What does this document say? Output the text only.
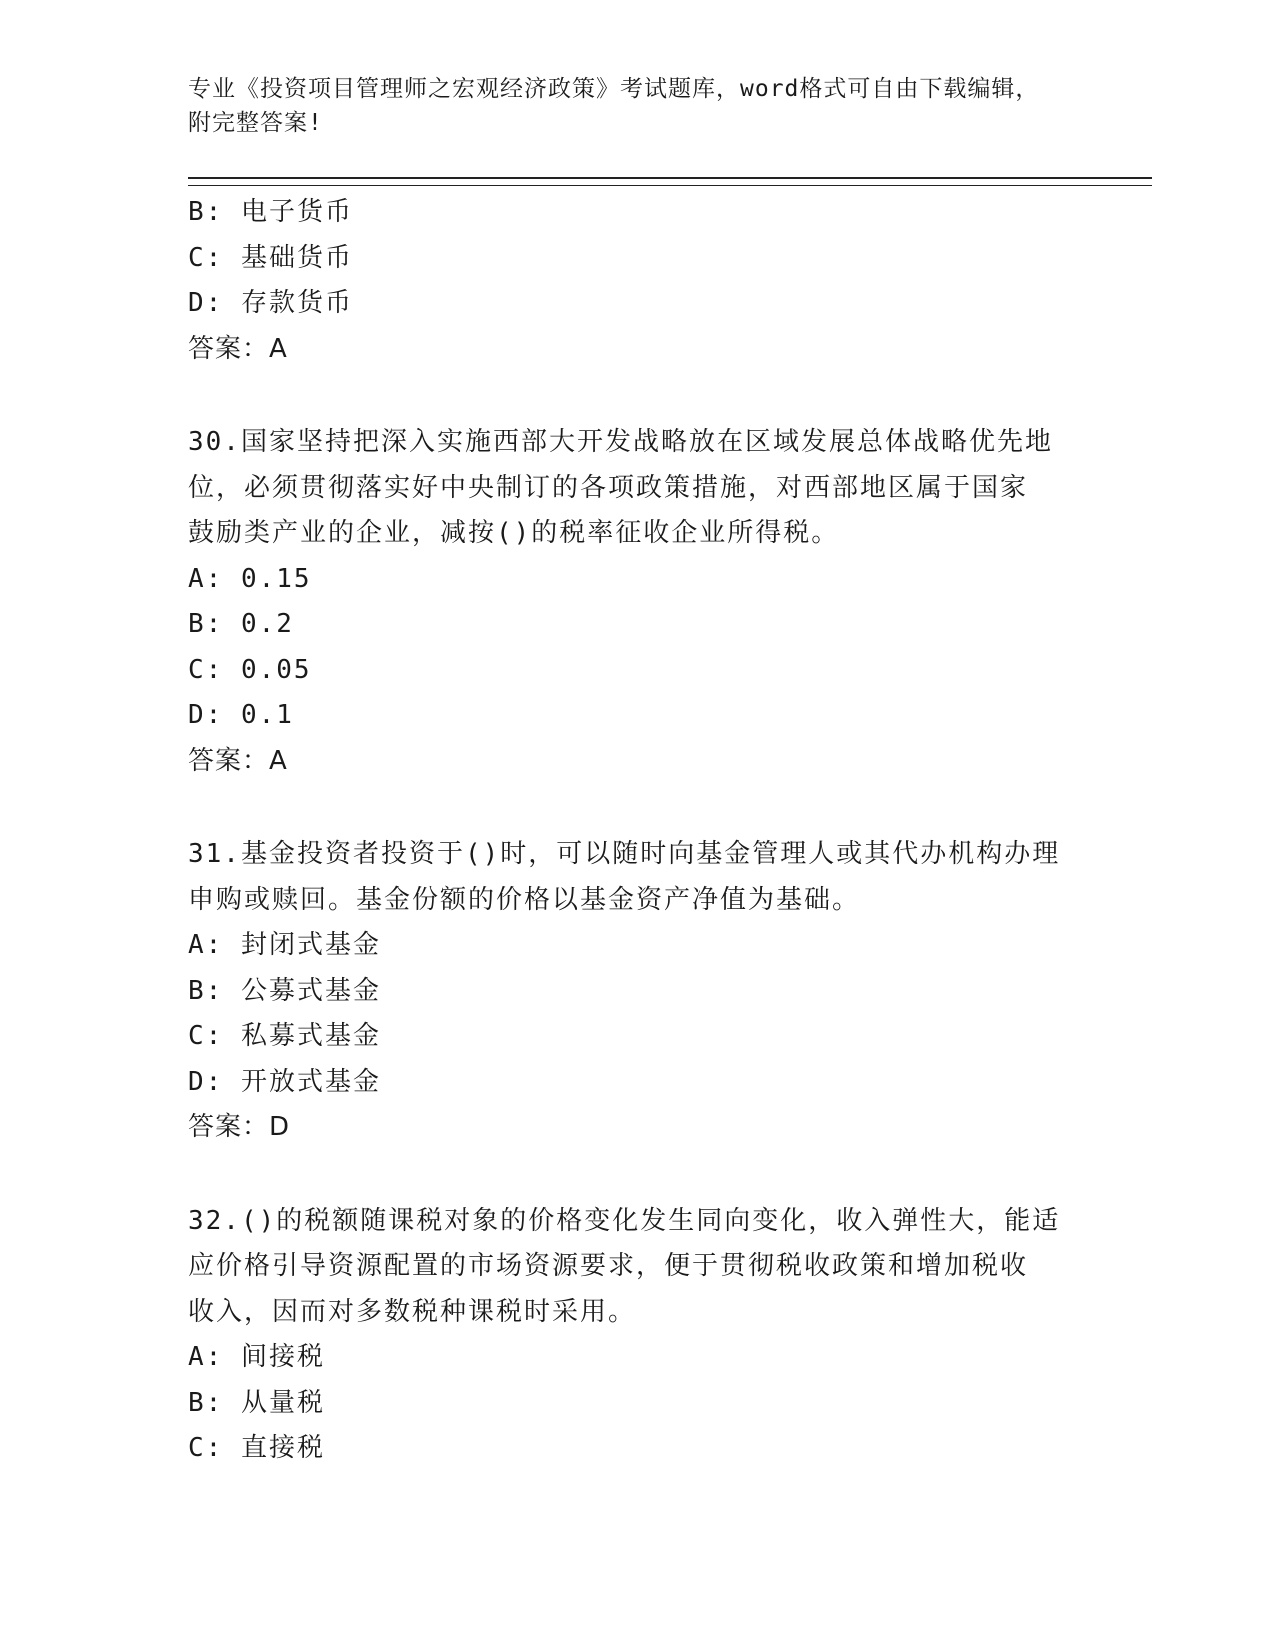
专业《投资项目管理师之宏观经济政策》考试题库，word格式可自由下载编辑，
附完整答案!
B: 电子货币
C: 基础货币
D: 存款货币
答案：A
30.国家坚持把深入实施西部大开发战略放在区域发展总体战略优先地
位，必须贯彻落实好中央制订的各项政策措施，对西部地区属于国家
鼓励类产业的企业，减按()的税率征收企业所得税。
A: 0.15
B: 0.2
C: 0.05
D: 0.1
答案：A
31.基金投资者投资于()时，可以随时向基金管理人或其代办机构办理
申购或赎回。基金份额的价格以基金资产净值为基础。
A: 封闭式基金
B: 公募式基金
C: 私募式基金
D: 开放式基金
答案：D
32.()的税额随课税对象的价格变化发生同向变化，收入弹性大，能适
应价格引导资源配置的市场资源要求，便于贯彻税收政策和增加税收
收入，因而对多数税种课税时采用。
A: 间接税
B: 从量税
C: 直接税
